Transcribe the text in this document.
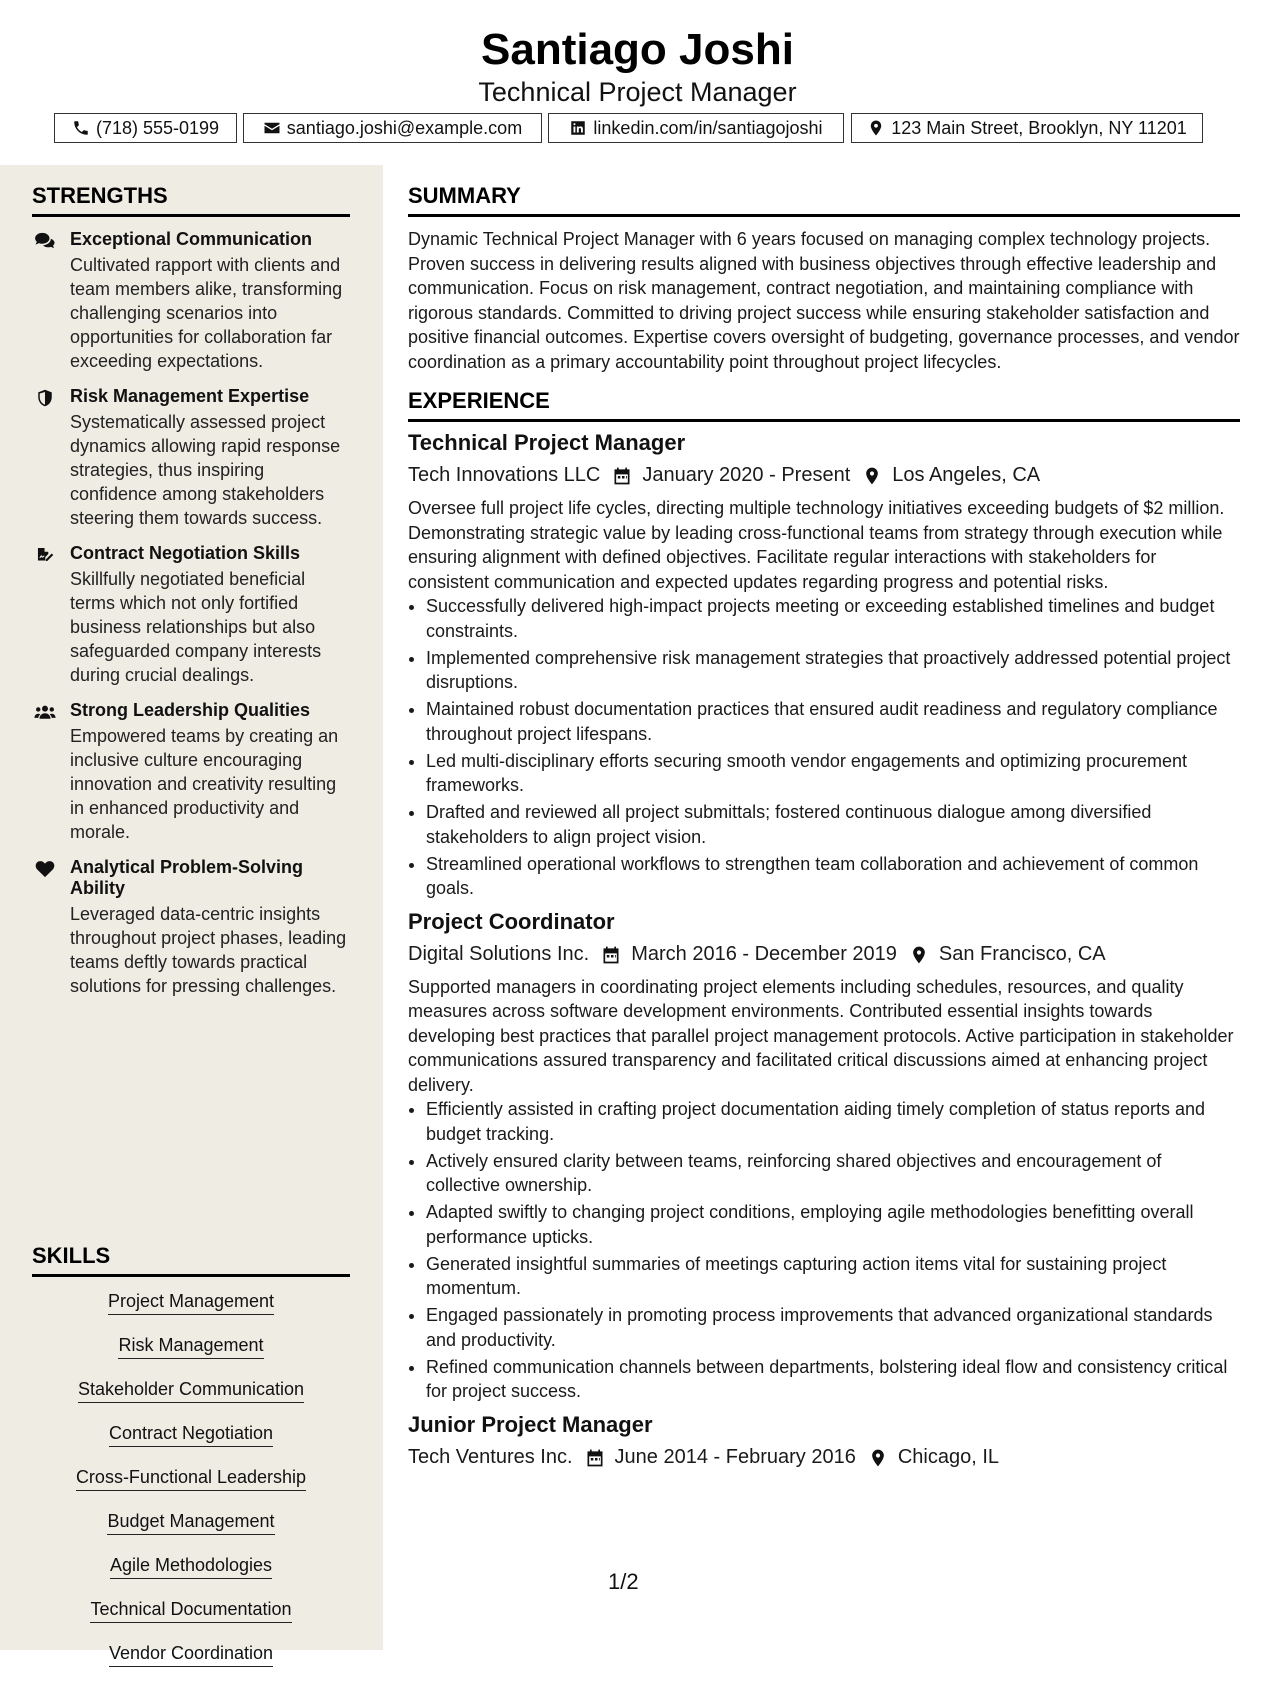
Santiago Joshi
Technical Project Manager
(718) 555-0199	santiago.joshi@example.com	linkedin.com/in/santiagojoshi	123 Main Street, Brooklyn, NY 11201
STRENGTHS
Exceptional Communication
Cultivated rapport with clients and team members alike, transforming challenging scenarios into opportunities for collaboration far exceeding expectations.
Risk Management Expertise
Systematically assessed project dynamics allowing rapid response strategies, thus inspiring confidence among stakeholders steering them towards success.
Contract Negotiation Skills
Skillfully negotiated beneficial terms which not only fortified business relationships but also safeguarded company interests during crucial dealings.
Strong Leadership Qualities
Empowered teams by creating an inclusive culture encouraging innovation and creativity resulting in enhanced productivity and morale.
Analytical Problem-Solving Ability
Leveraged data-centric insights throughout project phases, leading teams deftly towards practical solutions for pressing challenges.
SKILLS
Project Management
Risk Management
Stakeholder Communication
Contract Negotiation
Cross-Functional Leadership
Budget Management
Agile Methodologies
Technical Documentation
Vendor Coordination
SUMMARY
Dynamic Technical Project Manager with 6 years focused on managing complex technology projects. Proven success in delivering results aligned with business objectives through effective leadership and communication. Focus on risk management, contract negotiation, and maintaining compliance with rigorous standards. Committed to driving project success while ensuring stakeholder satisfaction and positive financial outcomes. Expertise covers oversight of budgeting, governance processes, and vendor coordination as a primary accountability point throughout project lifecycles.
EXPERIENCE
Technical Project Manager
Tech Innovations LLC January 2020 - Present Los Angeles, CA
Oversee full project life cycles, directing multiple technology initiatives exceeding budgets of $2 million. Demonstrating strategic value by leading cross-functional teams from strategy through execution while ensuring alignment with defined objectives. Facilitate regular interactions with stakeholders for consistent communication and expected updates regarding progress and potential risks.
• Successfully delivered high-impact projects meeting or exceeding established timelines and budget constraints.
• Implemented comprehensive risk management strategies that proactively addressed potential project disruptions.
• Maintained robust documentation practices that ensured audit readiness and regulatory compliance throughout project lifespans.
• Led multi-disciplinary efforts securing smooth vendor engagements and optimizing procurement frameworks.
• Drafted and reviewed all project submittals; fostered continuous dialogue among diversified stakeholders to align project vision.
• Streamlined operational workflows to strengthen team collaboration and achievement of common goals.
Project Coordinator
Digital Solutions Inc. March 2016 - December 2019 San Francisco, CA
Supported managers in coordinating project elements including schedules, resources, and quality measures across software development environments. Contributed essential insights towards developing best practices that parallel project management protocols. Active participation in stakeholder communications assured transparency and facilitated critical discussions aimed at enhancing project delivery.
• Efficiently assisted in crafting project documentation aiding timely completion of status reports and budget tracking.
• Actively ensured clarity between teams, reinforcing shared objectives and encouragement of collective ownership.
• Adapted swiftly to changing project conditions, employing agile methodologies benefitting overall performance upticks.
• Generated insightful summaries of meetings capturing action items vital for sustaining project momentum.
• Engaged passionately in promoting process improvements that advanced organizational standards and productivity.
• Refined communication channels between departments, bolstering ideal flow and consistency critical for project success.
Junior Project Manager
Tech Ventures Inc. June 2014 - February 2016 Chicago, IL
1/2
